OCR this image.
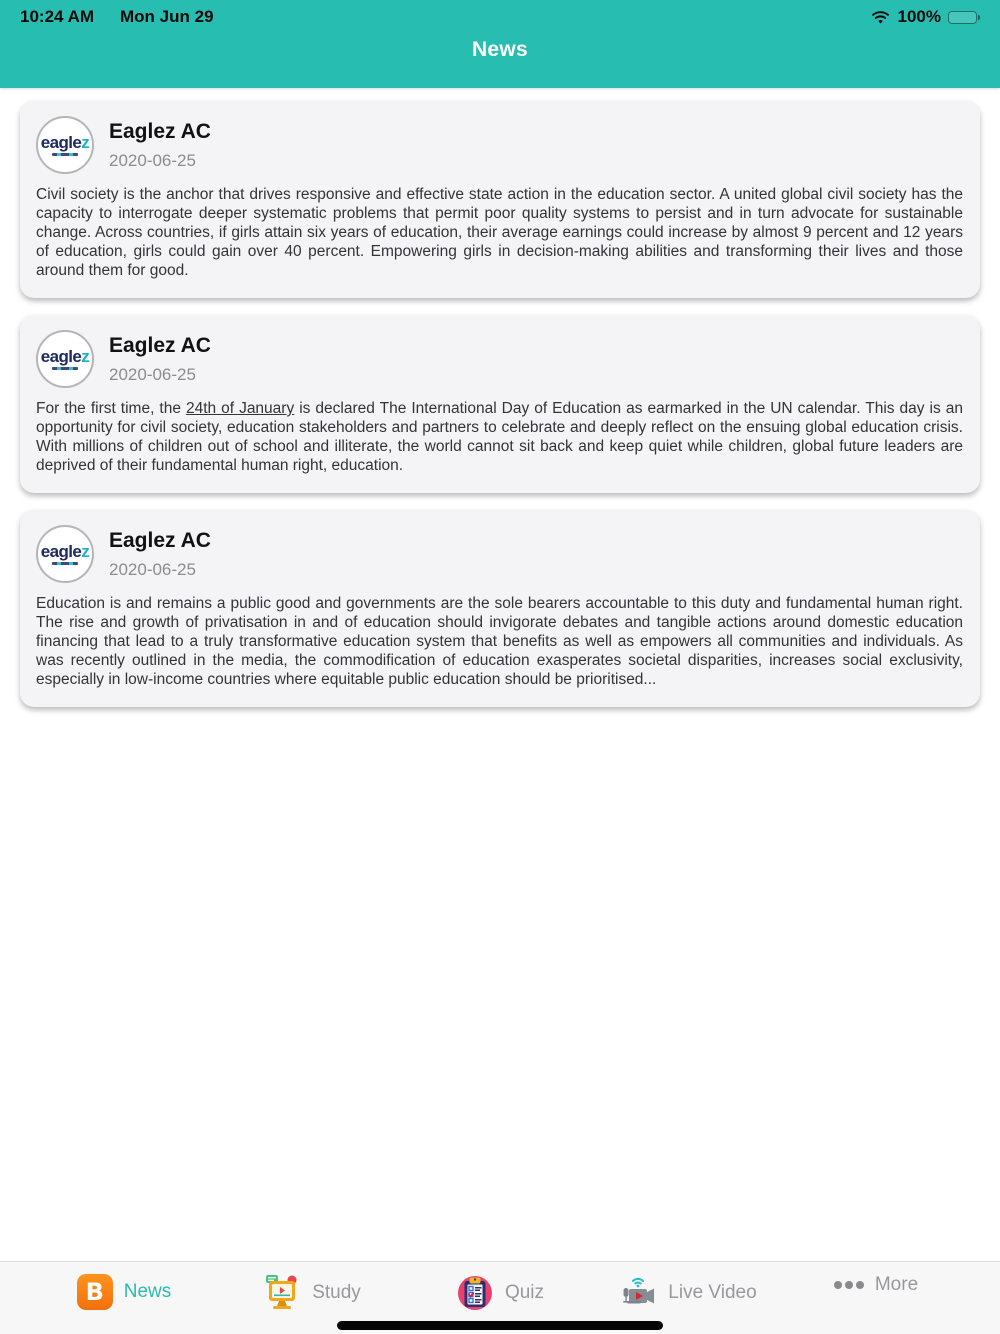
10:24 AM Mon Jun 29	100%
News
eaglez Eaglez AC
2020-06-25
Civil society is the anchor that drives responsive and effective state action in the education sector. A united global civil society has the capacity to interrogate deeper systematic problems that permit poor quality systems to persist and in turn advocate for sustainable change. Across countries, if girls attain six years of education, their average earnings could increase by almost 9 percent and 12 years of education, girls could gain over 40 percent. Empowering girls in decision-making abilities and transforming their lives and those around them for good.
eaglez Eaglez AC
2020-06-25
For the first time, the 24th of January is declared The International Day of Education as earmarked in the UN calendar. This day is an opportunity for civil society, education stakeholders and partners to celebrate and deeply reflect on the ensuing global education crisis. With millions of children out of school and illiterate, the world cannot sit back and keep quiet while children, global future leaders are deprived of their fundamental human right, education.
eaglez Eaglez AC
2020-06-25
Education is and remains a public good and governments are the sole bearers accountable to this duty and fundamental human right. The rise and growth of privatisation in and of education should invigorate debates and tangible actions around domestic education financing that lead to a truly transformative education system that benefits as well as empowers all communities and individuals. As was recently outlined in the media, the commodification of education exasperates societal disparities, increases social exclusivity, especially in low-income countries where equitable public education should be prioritised...
B	News	Study	Quiz	Live Video	More
